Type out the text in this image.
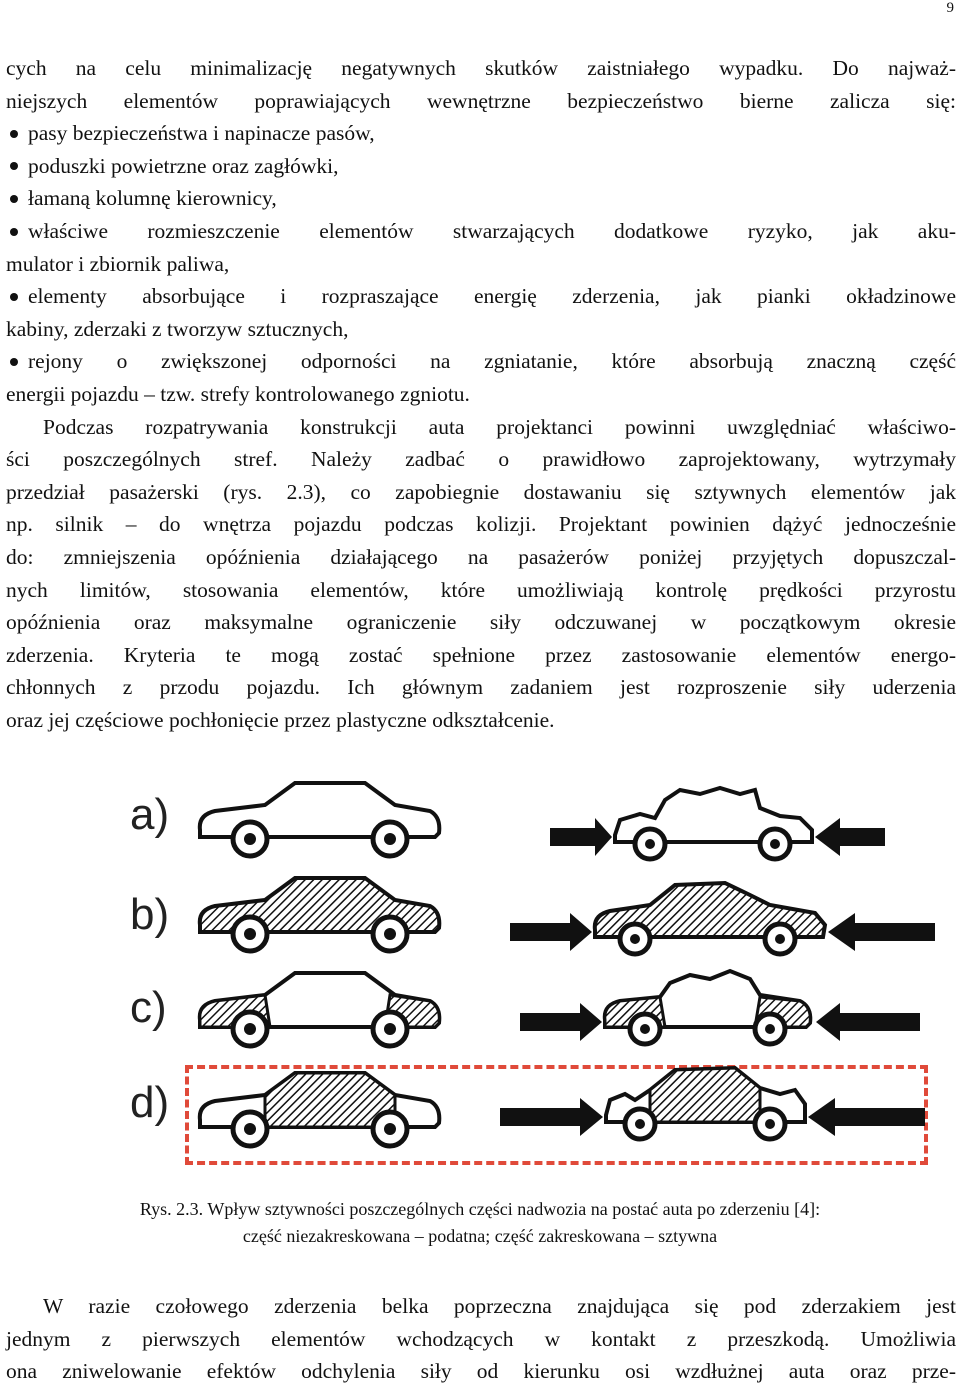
9
cych na celu minimalizację negatywnych skutków zaistniałego wypadku. Do najważ-
niejszych elementów poprawiających wewnętrzne bezpieczeństwo bierne zalicza się:
pasy bezpieczeństwa i napinacze pasów,
poduszki powietrzne oraz zagłówki,
łamaną kolumnę kierownicy,
właściwe rozmieszczenie elementów stwarzających dodatkowe ryzyko, jak aku-
mulator i zbiornik paliwa,
elementy absorbujące i rozpraszające energię zderzenia, jak pianki okładzinowe
kabiny, zderzaki z tworzyw sztucznych,
rejony o zwiększonej odporności na zgniatanie, które absorbują znaczną część
energii pojazdu – tzw. strefy kontrolowanego zgniotu.
Podczas rozpatrywania konstrukcji auta projektanci powinni uwzględniać właściwo-
ści poszczególnych stref. Należy zadbać o prawidłowo zaprojektowany, wytrzymały
przedział pasażerski (rys. 2.3), co zapobiegnie dostawaniu się sztywnych elementów jak
np. silnik – do wnętrza pojazdu podczas kolizji. Projektant powinien dążyć jednocześnie
do: zmniejszenia opóźnienia działającego na pasażerów poniżej przyjętych dopuszczal-
nych limitów, stosowania elementów, które umożliwiają kontrolę prędkości przyrostu
opóźnienia oraz maksymalne ograniczenie siły odczuwanej w początkowym okresie
zderzenia. Kryteria te mogą zostać spełnione przez zastosowanie elementów energo-
chłonnych z przodu pojazdu. Ich głównym zadaniem jest rozproszenie siły uderzenia
oraz jej częściowe pochłonięcie przez plastyczne odkształcenie.
a)
b)
c)
d)
Rys. 2.3. Wpływ sztywności poszczególnych części nadwozia na postać auta po zderzeniu [4]:
część niezakreskowana – podatna; część zakreskowana – sztywna
W razie czołowego zderzenia belka poprzeczna znajdująca się pod zderzakiem jest
jednym z pierwszych elementów wchodzących w kontakt z przeszkodą. Umożliwia
ona zniwelowanie efektów odchylenia siły od kierunku osi wzdłużnej auta oraz prze-
